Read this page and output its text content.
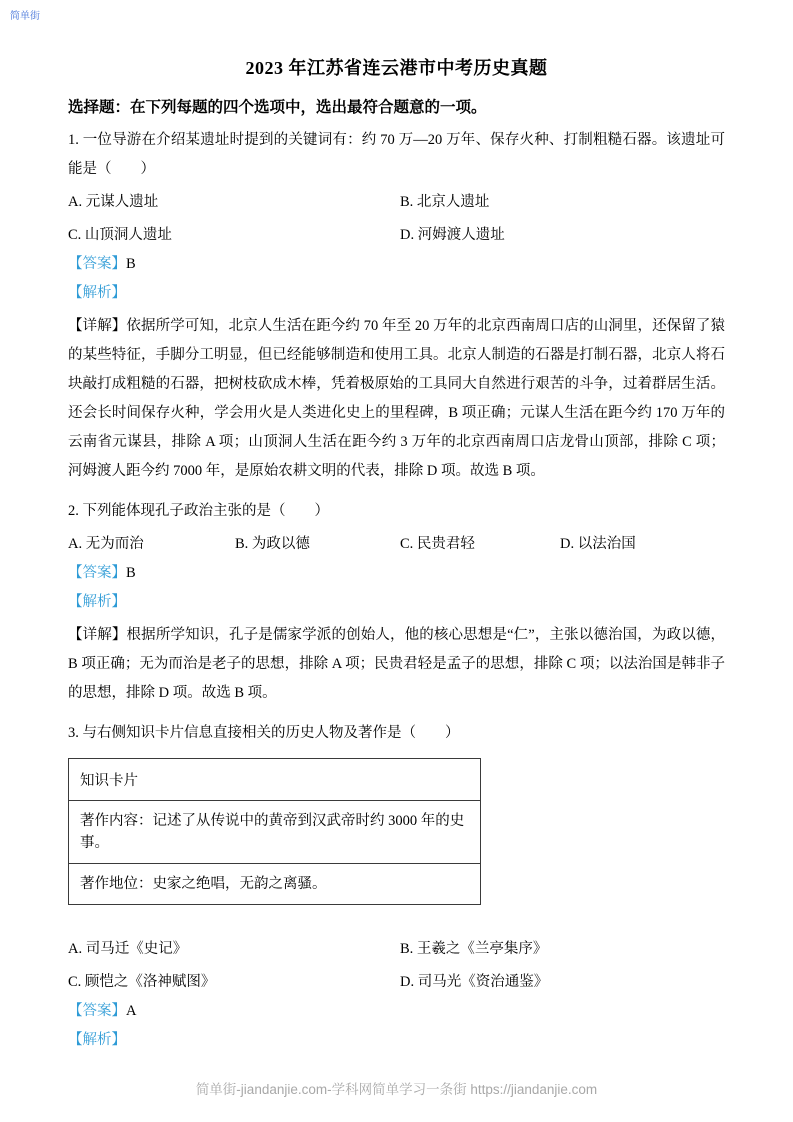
简单街
2023 年江苏省连云港市中考历史真题
选择题：在下列每题的四个选项中，选出最符合题意的一项。

1. 一位导游在介绍某遗址时提到的关键词有：约 70 万—20 万年、保存火种、打制粗糙石器。该遗址可能是（　　）

A. 元谋人遗址	B. 北京人遗址
C. 山顶洞人遗址	D. 河姆渡人遗址

【答案】B

【解析】

【详解】依据所学可知，北京人生活在距今约 70 年至 20 万年的北京西南周口店的山洞里，还保留了猿的某些特征，手脚分工明显，但已经能够制造和使用工具。北京人制造的石器是打制石器，北京人将石块敲打成粗糙的石器，把树枝砍成木棒，凭着极原始的工具同大自然进行艰苦的斗争，过着群居生活。还会长时间保存火种，学会用火是人类进化史上的里程碑，B 项正确；元谋人生活在距今约 170 万年的云南省元谋县，排除 A 项；山顶洞人生活在距今约 3 万年的北京西南周口店龙骨山顶部，排除 C 项；河姆渡人距今约 7000 年，是原始农耕文明的代表，排除 D 项。故选 B 项。

2. 下列能体现孔子政治主张的是（　　）

A. 无为而治	B. 为政以德	C. 民贵君轻	D. 以法治国

【答案】B

【解析】

【详解】根据所学知识，孔子是儒家学派的创始人，他的核心思想是“仁”，主张以德治国，为政以德，B 项正确；无为而治是老子的思想，排除 A 项；民贵君轻是孟子的思想，排除 C 项；以法治国是韩非子的思想，排除 D 项。故选 B 项。

3. 与右侧知识卡片信息直接相关的历史人物及著作是（　　）

知识卡片
著作内容：记述了从传说中的黄帝到汉武帝时约 3000 年的史事。
著作地位：史家之绝唱，无韵之离骚。
A. 司马迁《史记》	B. 王羲之《兰亭集序》
C. 顾恺之《洛神赋图》	D. 司马光《资治通鉴》

【答案】A

【解析】

简单街-jiandanjie.com-学科网简单学习一条街 https://jiandanjie.com
